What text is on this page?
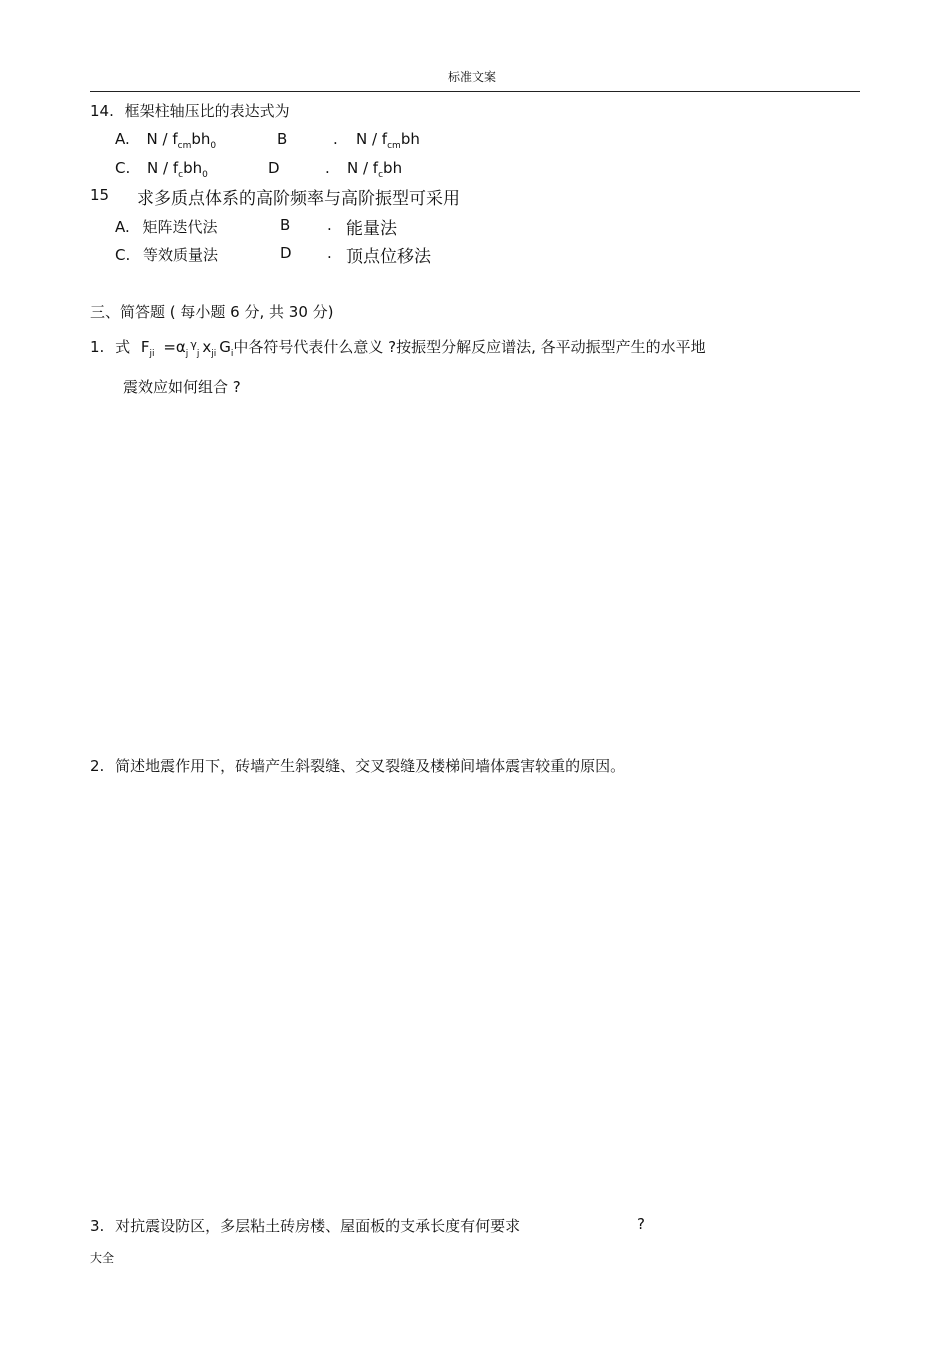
标准文案
14. 框架柱轴压比的表达式为
A. N / $f_{cm}bh_0$	B	. N / $f_{cm}bh$
C. N / $f_cbh_0$	D	. N / $f_cbh$
15 求多质点体系的高阶频率与高阶振型可采用
A. 矩阵迭代法	B . 能量法
C. 等效质量法	D . 顶点位移法
三、简答题 ( 每小题 6 分, 共 30 分)
1. 式 $F_{ji} =\alpha_j^\gamma_j$ $x_{ji}$ $G_i$中各符号代表什么意义 ?按振型分解反应谱法, 各平动振型产生的水平地
震效应如何组合 ?
2. 简述地震作用下，砖墙产生斜裂缝、交叉裂缝及楼梯间墙体震害较重的原因。
3. 对抗震设防区，多层粘土砖房楼、屋面板的支承长度有何要求	?
大全
